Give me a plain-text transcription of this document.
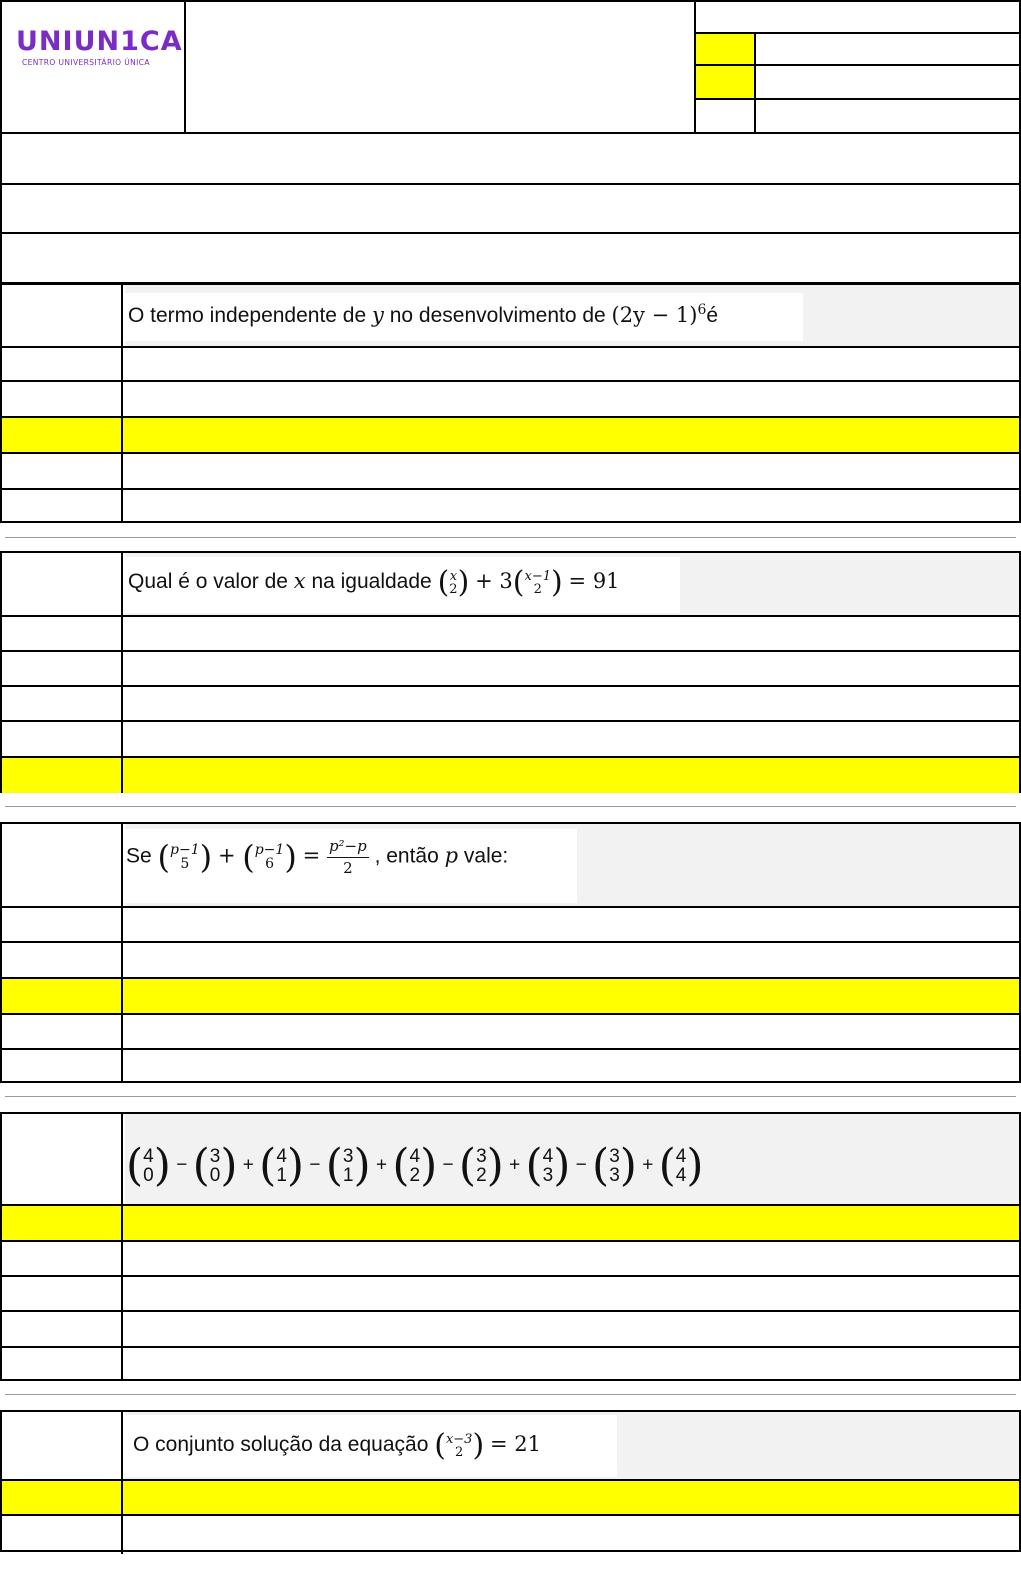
UNIUN1CA
CENTRO UNIVERSITÁRIO ÚNICA
O termo independente de y no desenvolvimento de $(2y - 1)^6é$
Qual é o valor de x na igualdade ( x
2 ) + 3 ( x−1
2 ) = 91
Se ( p−1
5 ) + ( p−1
6 ) = $\frac{\text{p²−p}}{2}$ , então p vale:
( 4
0 ) − ( 3
0 ) + ( 4
1 ) − ( 3
1 ) + ( 4
2 ) − ( 3
2 ) + ( 4
3 ) − ( 3
3 ) + ( 4
4 )
O conjunto solução da equação ( x−3
2 ) = 21
